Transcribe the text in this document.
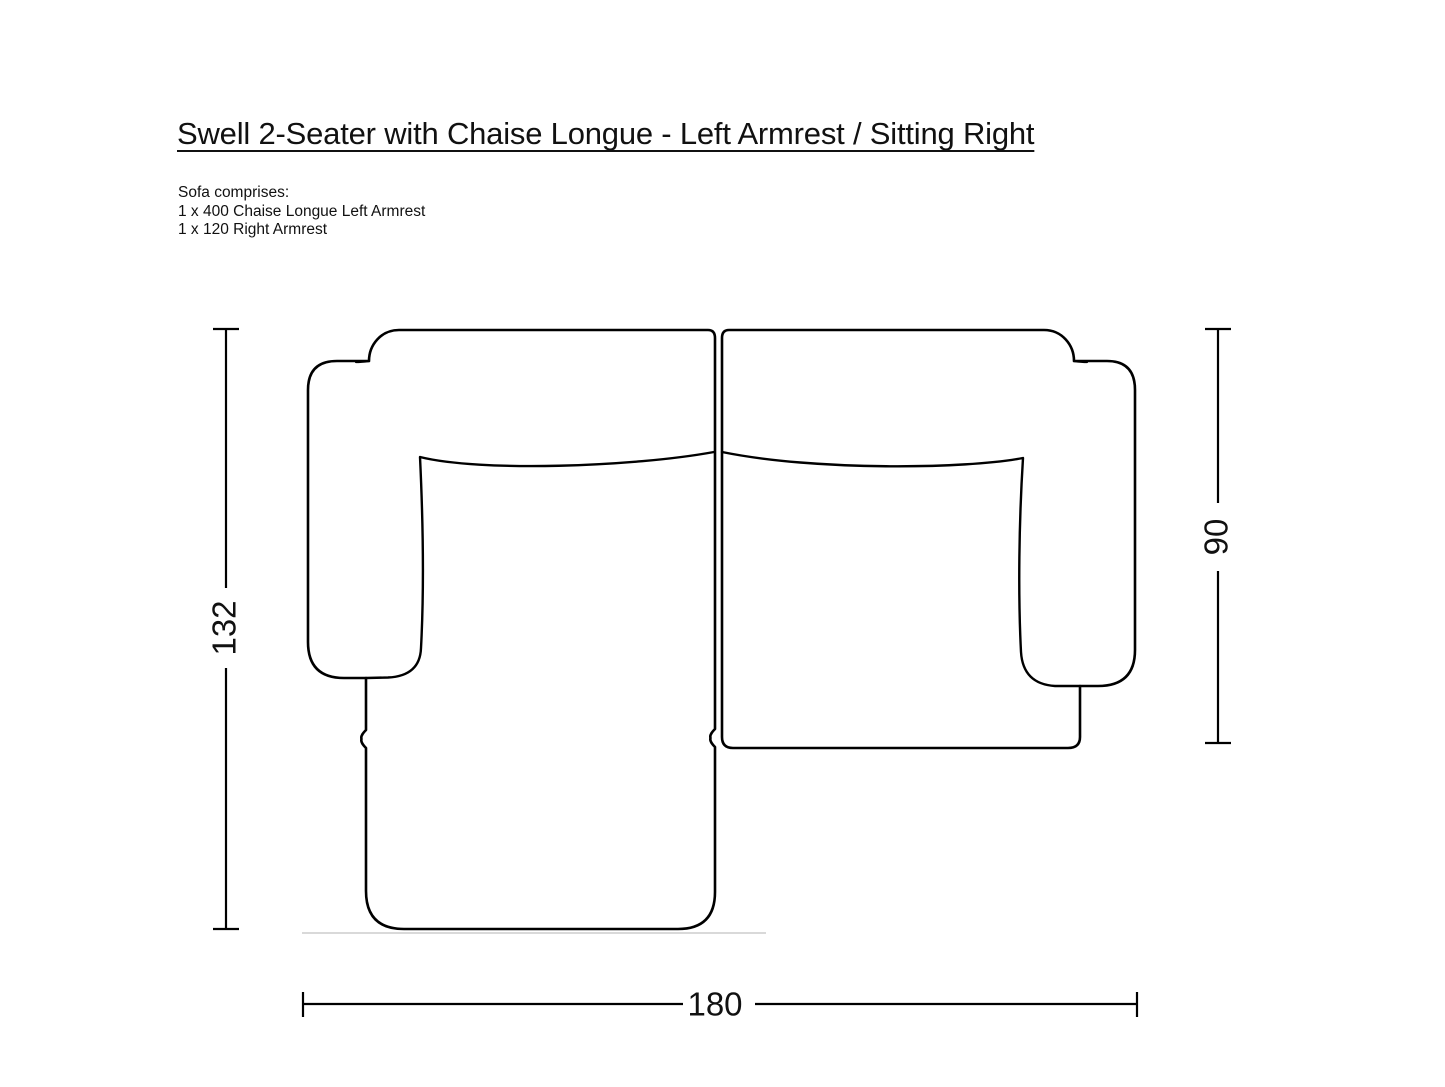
Swell 2-Seater with Chaise Longue - Left Armrest / Sitting Right
Sofa comprises:
1 x 400 Chaise Longue Left Armrest
1 x 120 Right Armrest
132
90
180
